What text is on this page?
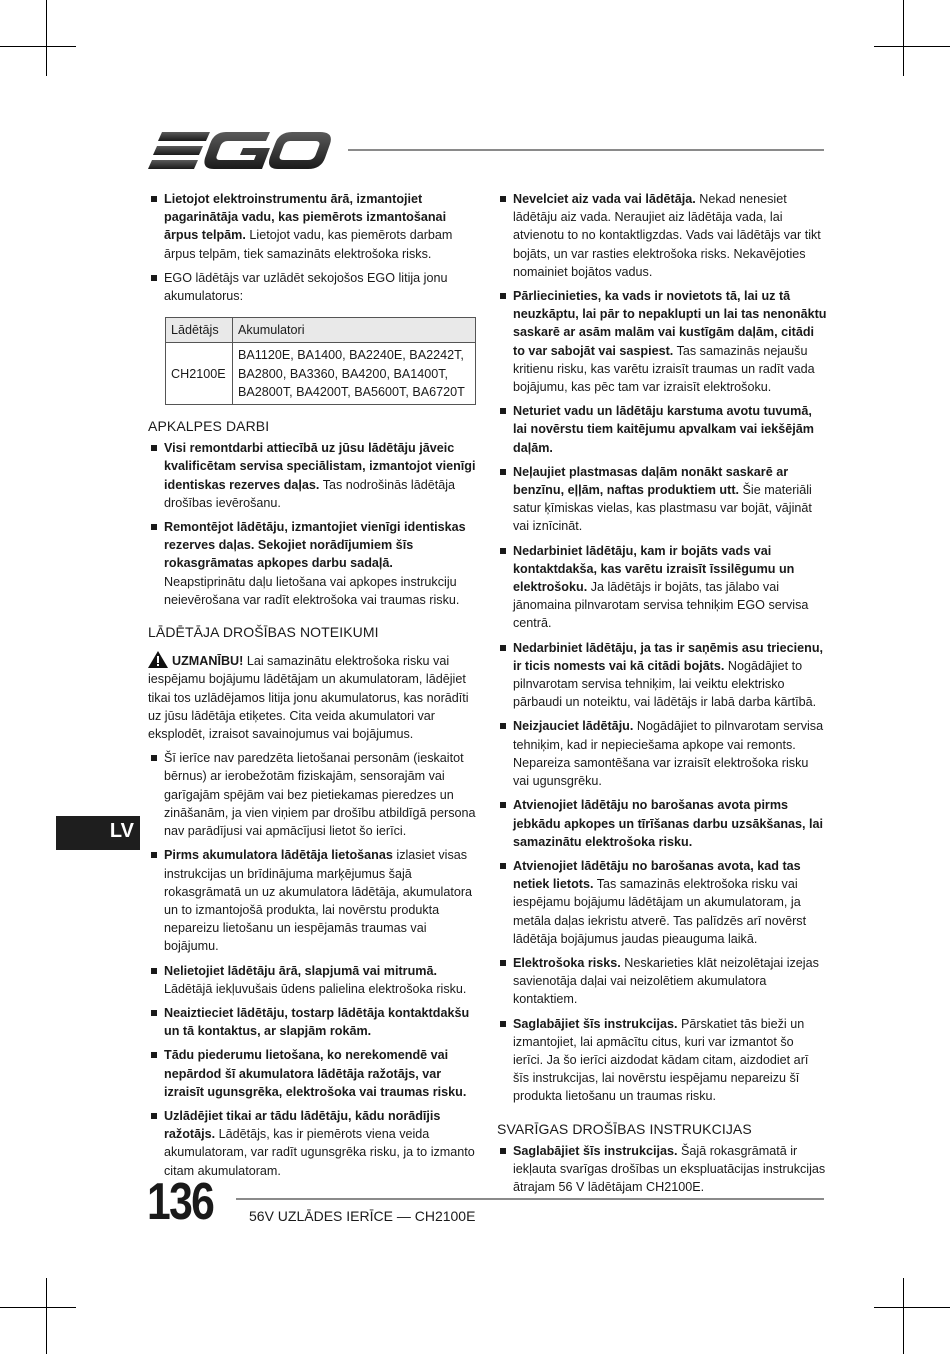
Lietojot elektroinstrumentu ārā, izmantojiet pagarinātāja vadu, kas piemērots izmantošanai ārpus telpām. Lietojot vadu, kas piemērots darbam ārpus telpām, tiek samazināts elektrošoka risks.
EGO lādētājs var uzlādēt sekojošos EGO litija jonu akumulatorus:
Lādētājs	Akumulatori
CH2100E	BA1120E, BA1400, BA2240E, BA2242T, BA2800, BA3360, BA4200, BA1400T, BA2800T, BA4200T, BA5600T, BA6720T
APKALPES DARBI
Visi remontdarbi attiecībā uz jūsu lādētāju jāveic kvalificētam servisa speciālistam, izmantojot vienīgi identiskas rezerves daļas. Tas nodrošinās lādētāja drošības ievērošanu.
Remontējot lādētāju, izmantojiet vienīgi identiskas rezerves daļas. Sekojiet norādījumiem šīs rokasgrāmatas apkopes darbu sadaļā. Neapstiprinātu daļu lietošana vai apkopes instrukciju neievērošana var radīt elektrošoka vai traumas risku.
LĀDĒTĀJA DROŠĪBAS NOTEIKUMI
UZMANĪBU! Lai samazinātu elektrošoka risku vai iespējamu bojājumu lādētājam un akumulatoram, lādējiet tikai tos uzlādējamos litija jonu akumulatorus, kas norādīti uz jūsu lādētāja etiķetes. Cita veida akumulatori var eksplodēt, izraisot savainojumus vai bojājumus.
Šī ierīce nav paredzēta lietošanai personām (ieskaitot bērnus) ar ierobežotām fiziskajām, sensorajām vai garīgajām spējām vai bez pietiekamas pieredzes un zināšanām, ja vien viņiem par drošību atbildīgā persona nav parādījusi vai apmācījusi lietot šo ierīci.
Pirms akumulatora lādētāja lietošanas izlasiet visas instrukcijas un brīdinājuma marķējumus šajā rokasgrāmatā un uz akumulatora lādētāja, akumulatora un to izmantojošā produkta, lai novērstu produkta nepareizu lietošanu un iespējamās traumas vai bojājumu.
Nelietojiet lādētāju ārā, slapjumā vai mitrumā. Lādētājā iekļuvušais ūdens palielina elektrošoka risku.
Neaiztieciet lādētāju, tostarp lādētāja kontaktdakšu un tā kontaktus, ar slapjām rokām.
Tādu piederumu lietošana, ko nerekomendē vai nepārdod šī akumulatora lādētāja ražotājs, var izraisīt ugunsgrēka, elektrošoka vai traumas risku.
Uzlādējiet tikai ar tādu lādētāju, kādu norādījis ražotājs. Lādētājs, kas ir piemērots viena veida akumulatoram, var radīt ugunsgrēka risku, ja to izmanto citam akumulatoram.
Nevelciet aiz vada vai lādētāja. Nekad nenesiet lādētāju aiz vada. Neraujiet aiz lādētāja vada, lai atvienotu to no kontaktligzdas. Vads vai lādētājs var tikt bojāts, un var rasties elektrošoka risks. Nekavējoties nomainiet bojātos vadus.
Pārliecinieties, ka vads ir novietots tā, lai uz tā neuzkāptu, lai pār to nepaklupti un lai tas nenonāktu saskarē ar asām malām vai kustīgām daļām, citādi to var sabojāt vai saspiest. Tas samazinās nejaušu kritienu risku, kas varētu izraisīt traumas un radīt vada bojājumu, kas pēc tam var izraisīt elektrošoku.
Neturiet vadu un lādētāju karstuma avotu tuvumā, lai novērstu tiem kaitējumu apvalkam vai iekšējām daļām.
Neļaujiet plastmasas daļām nonākt saskarē ar benzīnu, eļļām, naftas produktiem utt. Šie materiāli satur ķīmiskas vielas, kas plastmasu var bojāt, vājināt vai iznīcināt.
Nedarbiniet lādētāju, kam ir bojāts vads vai kontaktdakša, kas varētu izraisīt īssilēgumu un elektrošoku. Ja lādētājs ir bojāts, tas jālabo vai jānomaina pilnvarotam servisa tehniķim EGO servisa centrā.
Nedarbiniet lādētāju, ja tas ir saņēmis asu triecienu, ir ticis nomests vai kā citādi bojāts. Nogādājiet to pilnvarotam servisa tehniķim, lai veiktu elektrisko pārbaudi un noteiktu, vai lādētājs ir labā darba kārtībā.
Neizjauciet lādētāju. Nogādājiet to pilnvarotam servisa tehniķim, kad ir nepieciešama apkope vai remonts. Nepareiza samontēšana var izraisīt elektrošoka risku vai ugunsgrēku.
Atvienojiet lādētāju no barošanas avota pirms jebkādu apkopes un tīrīšanas darbu uzsākšanas, lai samazinātu elektrošoka risku.
Atvienojiet lādētāju no barošanas avota, kad tas netiek lietots. Tas samazinās elektrošoka risku vai iespējamu bojājumu lādētājam un akumulatoram, ja metāla daļas iekristu atverē. Tas palīdzēs arī novērst lādētāja bojājumus jaudas pieauguma laikā.
Elektrošoka risks. Neskarieties klāt neizolētajai izejas savienotāja daļai vai neizolētiem akumulatora kontaktiem.
Saglabājiet šīs instrukcijas. Pārskatiet tās bieži un izmantojiet, lai apmācītu citus, kuri var izmantot šo ierīci. Ja šo ierīci aizdodat kādam citam, aizdodiet arī šīs instrukcijas, lai novērstu iespējamu nepareizu šī produkta lietošanu un traumas risku.
SVARĪGAS DROŠĪBAS INSTRUKCIJAS
Saglabājiet šīs instrukcijas. Šajā rokasgrāmatā ir iekļauta svarīgas drošības un ekspluatācijas instrukcijas ātrajam 56 V lādētājam CH2100E.
LV
136	56V UZLĀDES IERĪCE — CH2100E
